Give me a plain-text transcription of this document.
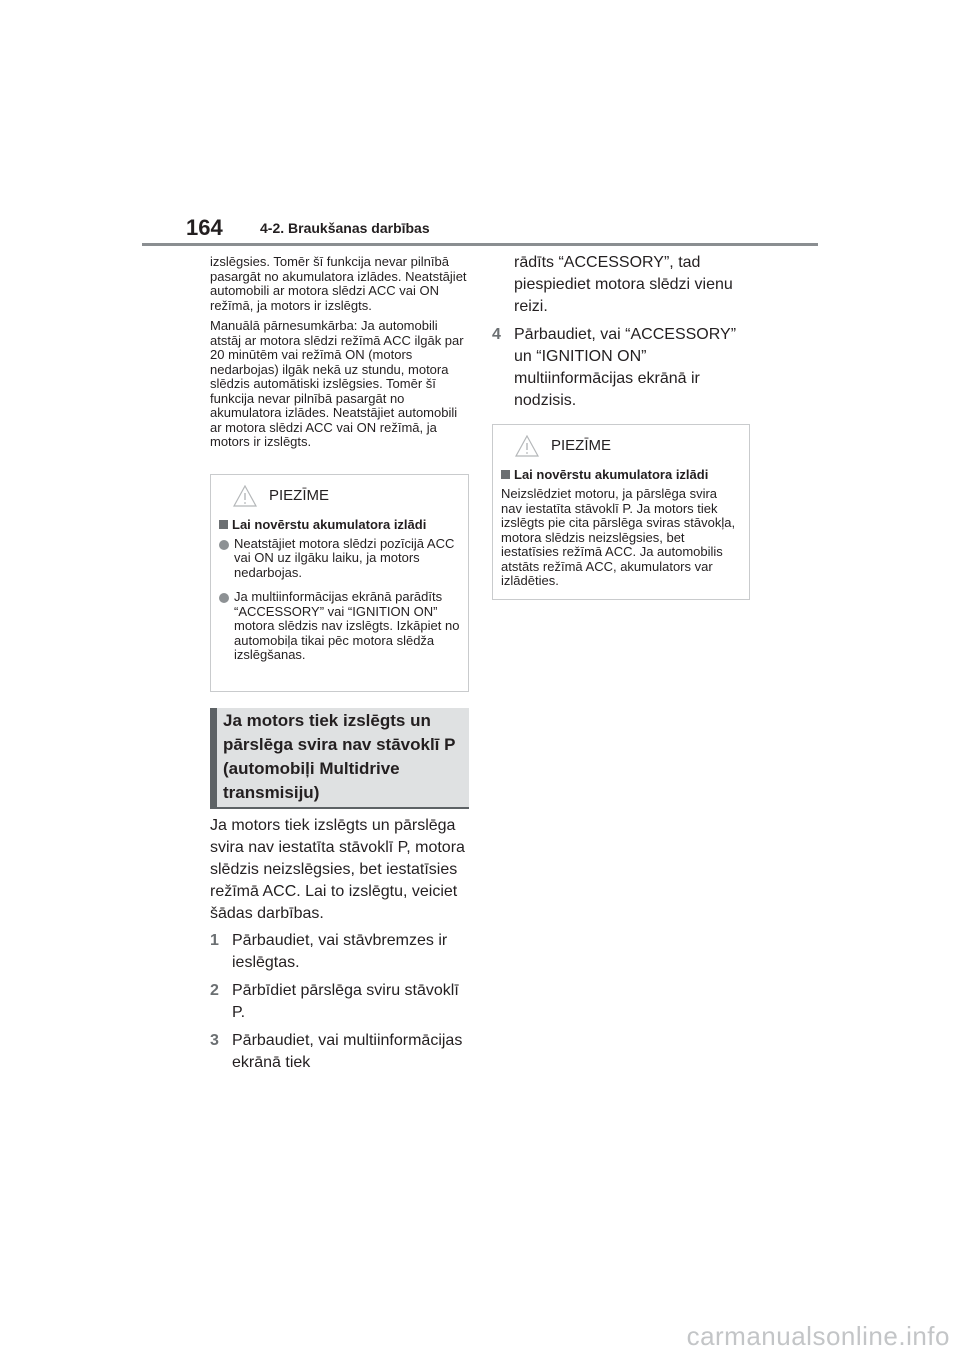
164	4-2. Braukšanas darbības

izslēgsies. Tomēr šī funkcija nevar pilnībā pasargāt no akumulatora izlādes. Neatstājiet automobili ar motora slēdzi ACC vai ON režīmā, ja motors ir izslēgts.

Manuālā pārnesumkārba: Ja automobili atstāj ar motora slēdzi režīmā ACC ilgāk par 20 minūtēm vai režīmā ON (motors nedarbojas) ilgāk nekā uz stundu, motora slēdzis automātiski izslēgsies. Tomēr šī funkcija nevar pilnībā pasargāt no akumulatora izlādes. Neatstājiet automobili ar motora slēdzi ACC vai ON režīmā, ja motors ir izslēgts.

PIEZĪME
Lai novērstu akumulatora izlādi
Neatstājiet motora slēdzi pozīcijā ACC vai ON uz ilgāku laiku, ja motors nedarbojas.
Ja multiinformācijas ekrānā parādīts “ACCESSORY” vai “IGNITION ON” motora slēdzis nav izslēgts. Izkāpiet no automobiļa tikai pēc motora slēdža izslēgšanas.
Ja motors tiek izslēgts un
pārslēga svira nav stāvoklī P
(automobiļi Multidrive
transmisiju)

Ja motors tiek izslēgts un pārslēga svira nav iestatīta stāvoklī P, motora slēdzis neizslēgsies, bet iestatīsies režīmā ACC. Lai to izslēgtu, veiciet šādas darbības.

1 Pārbaudiet, vai stāvbremzes ir ieslēgtas.
2 Pārbīdiet pārslēga sviru stāvoklī P.
3 Pārbaudiet, vai multiinformācijas ekrānā tiek
rādīts “ACCESSORY”, tad piespiediet motora slēdzi vienu reizi.
4 Pārbaudiet, vai “ACCESSORY” un “IGNITION ON” multiinformācijas ekrānā ir nodzisis.
PIEZĪME
Lai novērstu akumulatora izlādi

Neizslēdziet motoru, ja pārslēga svira nav iestatīta stāvoklī P. Ja motors tiek izslēgts pie cita pārslēga sviras stāvokļa, motora slēdzis neizslēgsies, bet iestatīsies režīmā ACC. Ja automobilis atstāts režīmā ACC, akumulators var izlādēties.

carmanualsonline.info
